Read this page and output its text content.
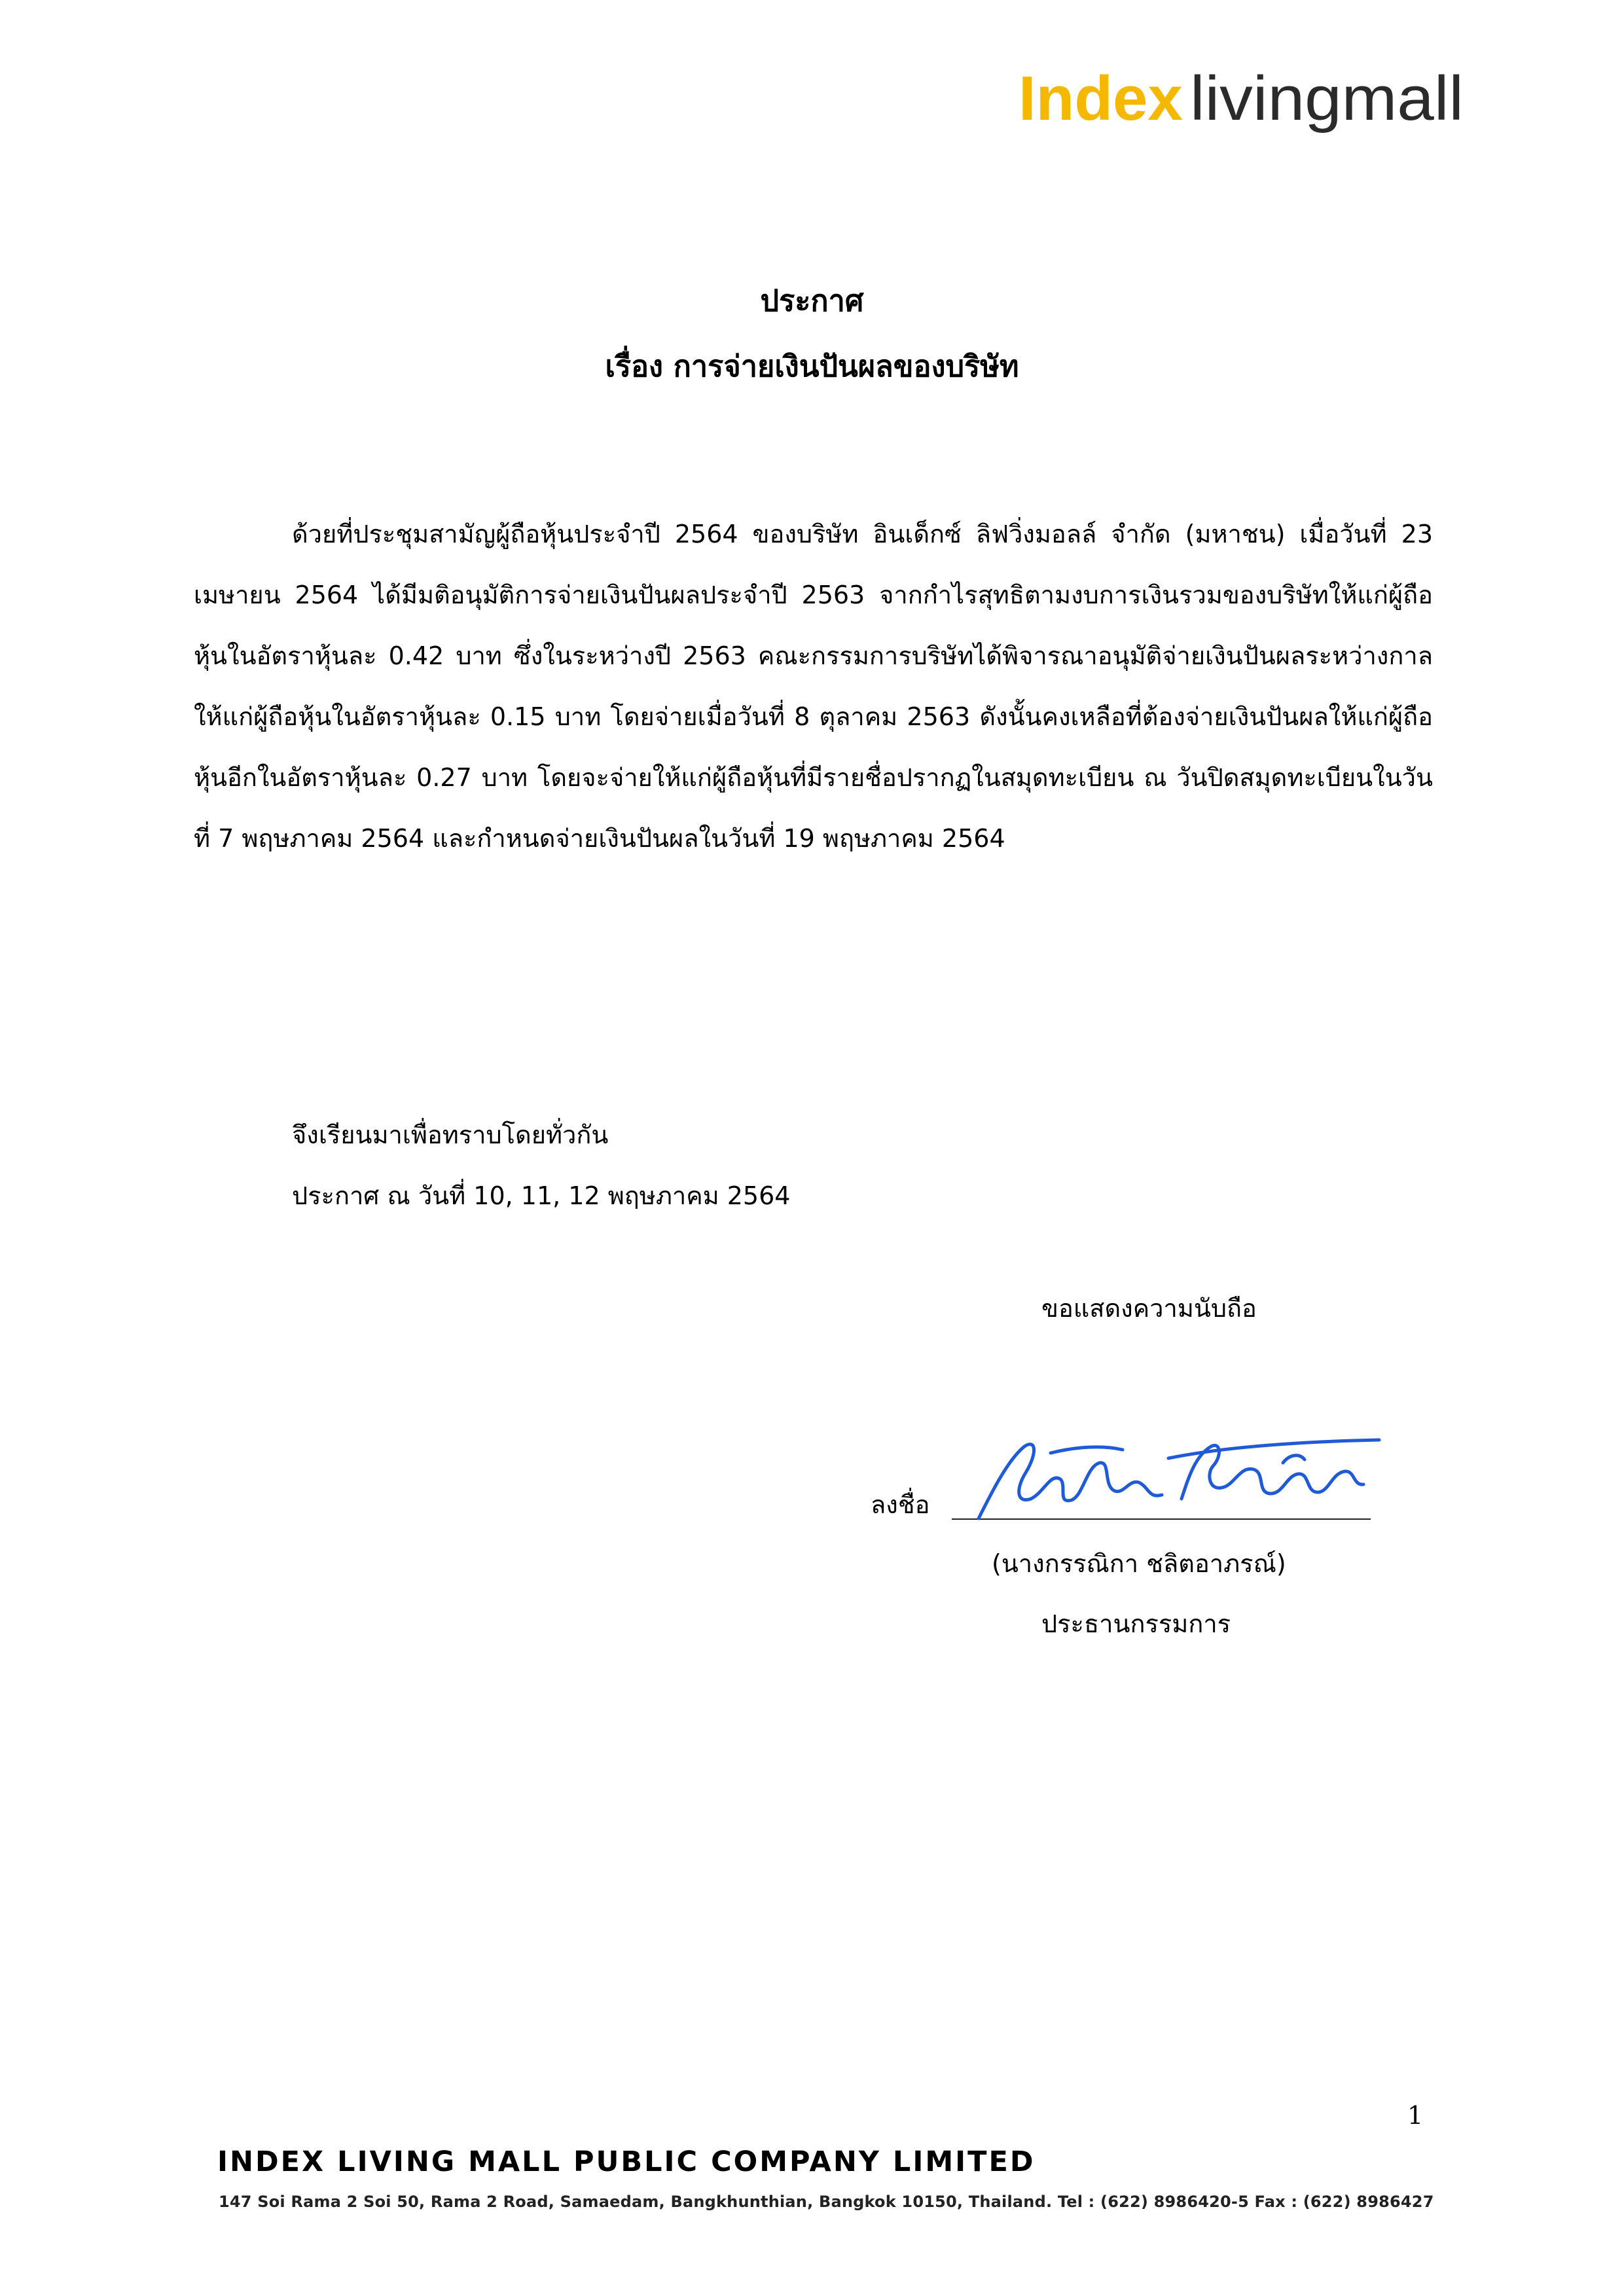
Index livingmall

ประกาศ

เรื่อง การจ่ายเงินปันผลของบริษัท

ด้วยที่ประชุมสามัญผู้ถือหุ้นประจำปี 2564 ของบริษัท อินเด็กซ์ ลิฟวิ่งมอลล์ จำกัด (มหาชน) เมื่อวันที่ 23 เมษายน 2564 ได้มีมติอนุมัติการจ่ายเงินปันผลประจำปี 2563 จากกำไรสุทธิตามงบการเงินรวมของบริษัทให้แก่ผู้ถือหุ้นในอัตราหุ้นละ 0.42 บาท ซึ่งในระหว่างปี 2563 คณะกรรมการบริษัทได้พิจารณาอนุมัติจ่ายเงินปันผลระหว่างกาลให้แก่ผู้ถือหุ้นในอัตราหุ้นละ 0.15 บาท โดยจ่ายเมื่อวันที่ 8 ตุลาคม 2563 ดังนั้นคงเหลือที่ต้องจ่ายเงินปันผลให้แก่ผู้ถือหุ้นอีกในอัตราหุ้นละ 0.27 บาท โดยจะจ่ายให้แก่ผู้ถือหุ้นที่มีรายชื่อปรากฏในสมุดทะเบียน ณ วันปิดสมุดทะเบียนในวันที่ 7 พฤษภาคม 2564 และกำหนดจ่ายเงินปันผลในวันที่ 19 พฤษภาคม 2564

จึงเรียนมาเพื่อทราบโดยทั่วกัน

ประกาศ ณ วันที่ 10, 11, 12 พฤษภาคม 2564

ขอแสดงความนับถือ
ลงชื่อ
(นางกรรณิกา ชลิตอาภรณ์)
ประธานกรรมการ
1
INDEX LIVING MALL PUBLIC COMPANY LIMITED
147 Soi Rama 2 Soi 50, Rama 2 Road, Samaedam, Bangkhunthian, Bangkok 10150, Thailand. Tel : (622) 8986420-5 Fax : (622) 8986427
